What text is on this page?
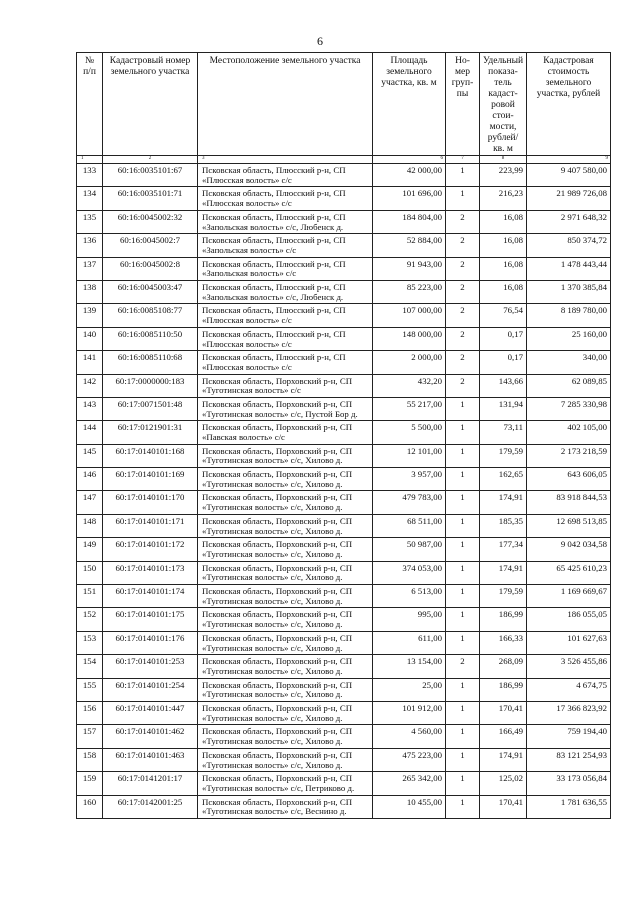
6
№ п/п	Кадастровый номер земельного участка	Местоположение земельного участка	Площадь земельного участка, кв. м	Но- мер груп- пы	Удельный показа- тель кадаст- ровой стои- мости, рублей/ кв. м	Кадастровая стоимость земельного участка, рублей
1	2	3	6	7	8	9
133	60:16:0035101:67	Псковская область, Плюсский р-н, СП «Плюсская волость» с/с	42 000,00	1	223,99	9 407 580,00
134	60:16:0035101:71	Псковская область, Плюсский р-н, СП «Плюсская волость» с/с	101 696,00	1	216,23	21 989 726,08
135	60:16:0045002:32	Псковская область, Плюсский р-н, СП «Запольская волость» с/с, Любенск д.	184 804,00	2	16,08	2 971 648,32
136	60:16:0045002:7	Псковская область, Плюсский р-н, СП «Запольская волость» с/с	52 884,00	2	16,08	850 374,72
137	60:16:0045002:8	Псковская область, Плюсский р-н, СП «Запольская волость» с/с	91 943,00	2	16,08	1 478 443,44
138	60:16:0045003:47	Псковская область, Плюсский р-н, СП «Запольская волость» с/с, Любенск д.	85 223,00	2	16,08	1 370 385,84
139	60:16:0085108:77	Псковская область, Плюсский р-н, СП «Плюсская волость» с/с	107 000,00	2	76,54	8 189 780,00
140	60:16:0085110:50	Псковская область, Плюсский р-н, СП «Плюсская волость» с/с	148 000,00	2	0,17	25 160,00
141	60:16:0085110:68	Псковская область, Плюсский р-н, СП «Плюсская волость» с/с	2 000,00	2	0,17	340,00
142	60:17:0000000:183	Псковская область, Порховский р-н, СП «Туготинская волость» с/с	432,20	2	143,66	62 089,85
143	60:17:0071501:48	Псковская область, Порховский р-н, СП «Туготинская волость» с/с, Пустой Бор д.	55 217,00	1	131,94	7 285 330,98
144	60:17:0121901:31	Псковская область, Порховский р-н, СП «Павская волость» с/с	5 500,00	1	73,11	402 105,00
145	60:17:0140101:168	Псковская область, Порховский р-н, СП «Туготинская волость» с/с, Хилово д.	12 101,00	1	179,59	2 173 218,59
146	60:17:0140101:169	Псковская область, Порховский р-н, СП «Туготинская волость» с/с, Хилово д.	3 957,00	1	162,65	643 606,05
147	60:17:0140101:170	Псковская область, Порховский р-н, СП «Туготинская волость» с/с, Хилово д.	479 783,00	1	174,91	83 918 844,53
148	60:17:0140101:171	Псковская область, Порховский р-н, СП «Туготинская волость» с/с, Хилово д.	68 511,00	1	185,35	12 698 513,85
149	60:17:0140101:172	Псковская область, Порховский р-н, СП «Туготинская волость» с/с, Хилово д.	50 987,00	1	177,34	9 042 034,58
150	60:17:0140101:173	Псковская область, Порховский р-н, СП «Туготинская волость» с/с, Хилово д.	374 053,00	1	174,91	65 425 610,23
151	60:17:0140101:174	Псковская область, Порховский р-н, СП «Туготинская волость» с/с, Хилово д.	6 513,00	1	179,59	1 169 669,67
152	60:17:0140101:175	Псковская область, Порховский р-н, СП «Туготинская волость» с/с, Хилово д.	995,00	1	186,99	186 055,05
153	60:17:0140101:176	Псковская область, Порховский р-н, СП «Туготинская волость» с/с, Хилово д.	611,00	1	166,33	101 627,63
154	60:17:0140101:253	Псковская область, Порховский р-н, СП «Туготинская волость» с/с, Хилово д.	13 154,00	2	268,09	3 526 455,86
155	60:17:0140101:254	Псковская область, Порховский р-н, СП «Туготинская волость» с/с, Хилово д.	25,00	1	186,99	4 674,75
156	60:17:0140101:447	Псковская область, Порховский р-н, СП «Туготинская волость» с/с, Хилово д.	101 912,00	1	170,41	17 366 823,92
157	60:17:0140101:462	Псковская область, Порховский р-н, СП «Туготинская волость» с/с, Хилово д.	4 560,00	1	166,49	759 194,40
158	60:17:0140101:463	Псковская область, Порховский р-н, СП «Туготинская волость» с/с, Хилово д.	475 223,00	1	174,91	83 121 254,93
159	60:17:0141201:17	Псковская область, Порховский р-н, СП «Туготинская волость» с/с, Петриково д.	265 342,00	1	125,02	33 173 056,84
160	60:17:0142001:25	Псковская область, Порховский р-н, СП «Туготинская волость» с/с, Веснино д.	10 455,00	1	170,41	1 781 636,55
